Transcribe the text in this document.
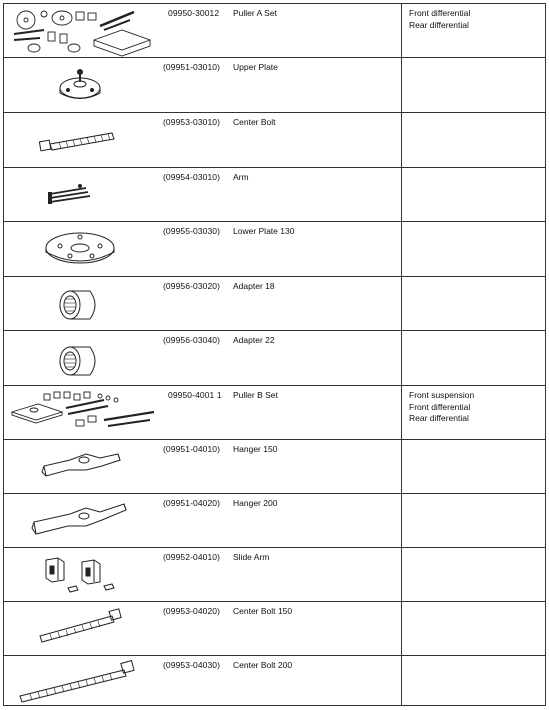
09950-30012 Puller A Set	Front differential
Rear differential
(09951-03010) Upper Plate
(09953-03010) Center Bolt
(09954-03010) Arm
(09955-03030) Lower Plate 130
(09956-03020) Adapter 18
(09956-03040) Adapter 22
09950-4001 1 Puller B Set	Front suspension
Front differential
Rear differential
(09951-04010) Hanger 150
(09951-04020) Hanger 200
(09952-04010) Slide Arm
(09953-04020) Center Bolt 150
(09953-04030) Center Bolt 200
